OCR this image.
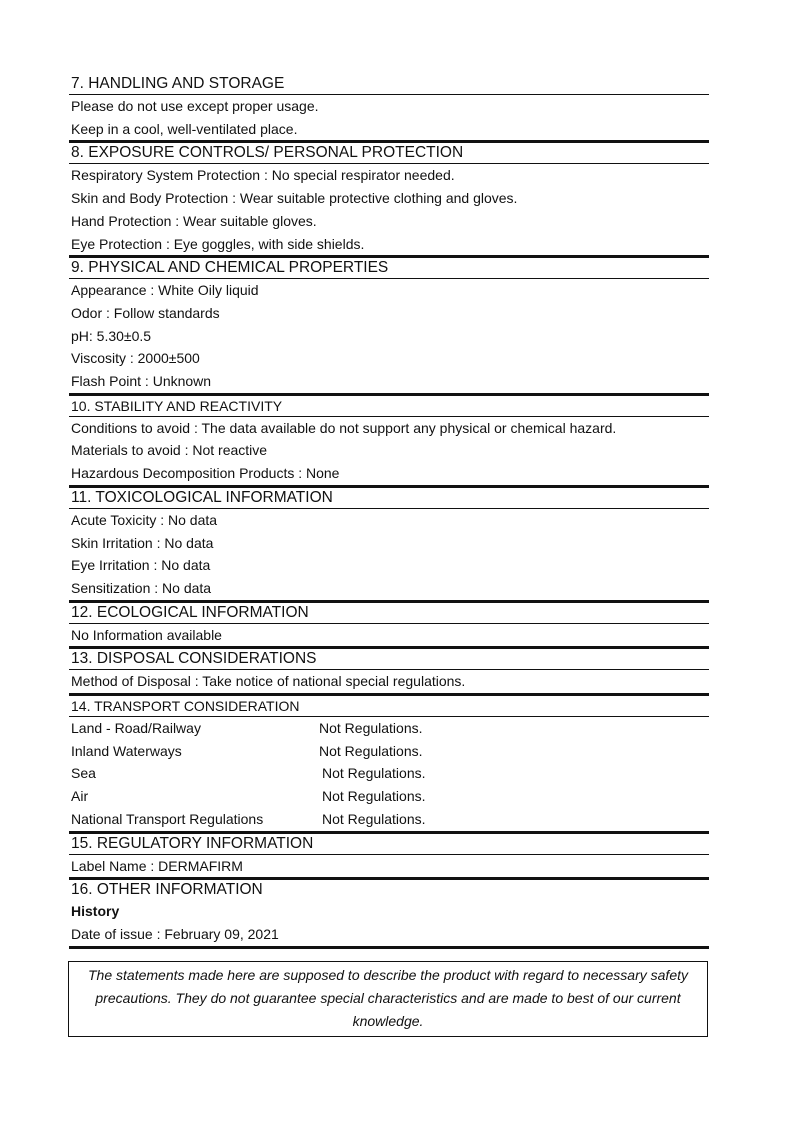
7. HANDLING AND STORAGE
Please do not use except proper usage.
Keep in a cool, well-ventilated place.
8. EXPOSURE CONTROLS/ PERSONAL PROTECTION
Respiratory System Protection : No special respirator needed.
Skin and Body Protection : Wear suitable protective clothing and gloves.
Hand Protection : Wear suitable gloves.
Eye Protection : Eye goggles, with side shields.
9. PHYSICAL AND CHEMICAL PROPERTIES
Appearance : White Oily liquid
Odor : Follow standards
pH: 5.30±0.5
Viscosity : 2000±500
Flash Point : Unknown
10. STABILITY AND REACTIVITY
Conditions to avoid : The data available do not support any physical or chemical hazard.
Materials to avoid : Not reactive
Hazardous Decomposition Products : None
11. TOXICOLOGICAL INFORMATION
Acute Toxicity : No data
Skin Irritation : No data
Eye Irritation : No data
Sensitization : No data
12. ECOLOGICAL INFORMATION
No Information available
13. DISPOSAL CONSIDERATIONS
Method of Disposal : Take notice of national special regulations.
14. TRANSPORT CONSIDERATION
Land - Road/Railway	Not Regulations.
Inland Waterways	Not Regulations.
Sea	Not Regulations.
Air	Not Regulations.
National Transport Regulations	Not Regulations.
15. REGULATORY INFORMATION
Label Name : DERMAFIRM
16. OTHER INFORMATION
History
Date of issue : February 09, 2021
The statements made here are supposed to describe the product with regard to necessary safety precautions. They do not guarantee special characteristics and are made to best of our current knowledge.
